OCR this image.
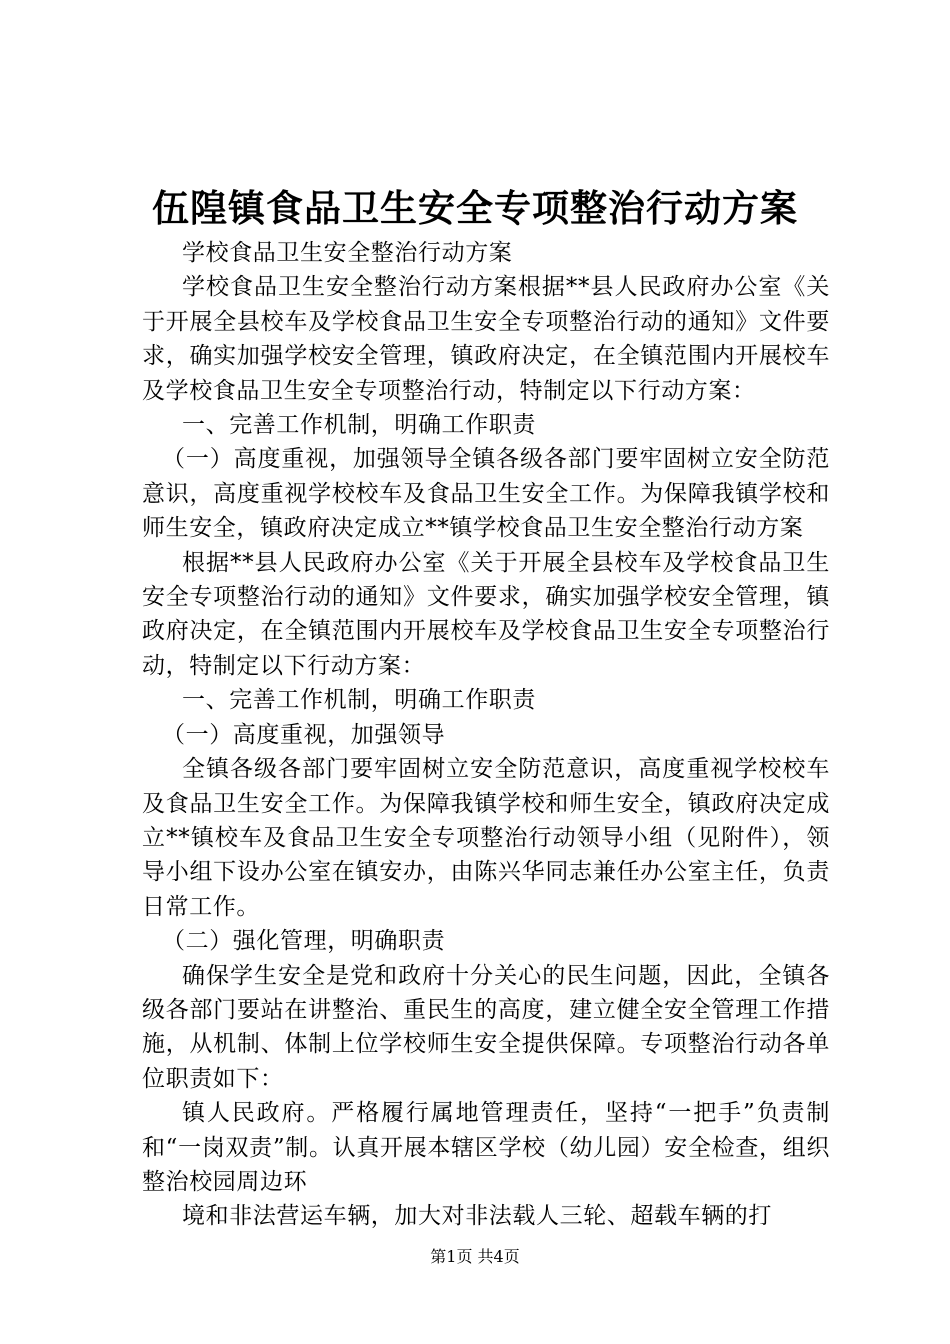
伍隍镇食品卫生安全专项整治行动方案

学校食品卫生安全整治行动方案

学校食品卫生安全整治行动方案根据**县人民政府办公室《关于开展全县校车及学校食品卫生安全专项整治行动的通知》文件要求，确实加强学校安全管理，镇政府决定，在全镇范围内开展校车及学校食品卫生安全专项整治行动，特制定以下行动方案：

一、完善工作机制，明确工作职责

（一）高度重视，加强领导全镇各级各部门要牢固树立安全防范意识，高度重视学校校车及食品卫生安全工作。为保障我镇学校和师生安全，镇政府决定成立**镇学校食品卫生安全整治行动方案

根据**县人民政府办公室《关于开展全县校车及学校食品卫生安全专项整治行动的通知》文件要求，确实加强学校安全管理，镇政府决定，在全镇范围内开展校车及学校食品卫生安全专项整治行动，特制定以下行动方案：

一、完善工作机制，明确工作职责

（一）高度重视，加强领导

全镇各级各部门要牢固树立安全防范意识，高度重视学校校车及食品卫生安全工作。为保障我镇学校和师生安全，镇政府决定成立**镇校车及食品卫生安全专项整治行动领导小组（见附件），领导小组下设办公室在镇安办，由陈兴华同志兼任办公室主任，负责日常工作。

（二）强化管理，明确职责

确保学生安全是党和政府十分关心的民生问题，因此，全镇各级各部门要站在讲整治、重民生的高度，建立健全安全管理工作措施，从机制、体制上位学校师生安全提供保障。专项整治行动各单位职责如下：

镇人民政府。严格履行属地管理责任，坚持“一把手”负责制和“一岗双责”制。认真开展本辖区学校（幼儿园）安全检查，组织整治校园周边环

境和非法营运车辆，加大对非法载人三轮、超载车辆的打

第1页 共4页
